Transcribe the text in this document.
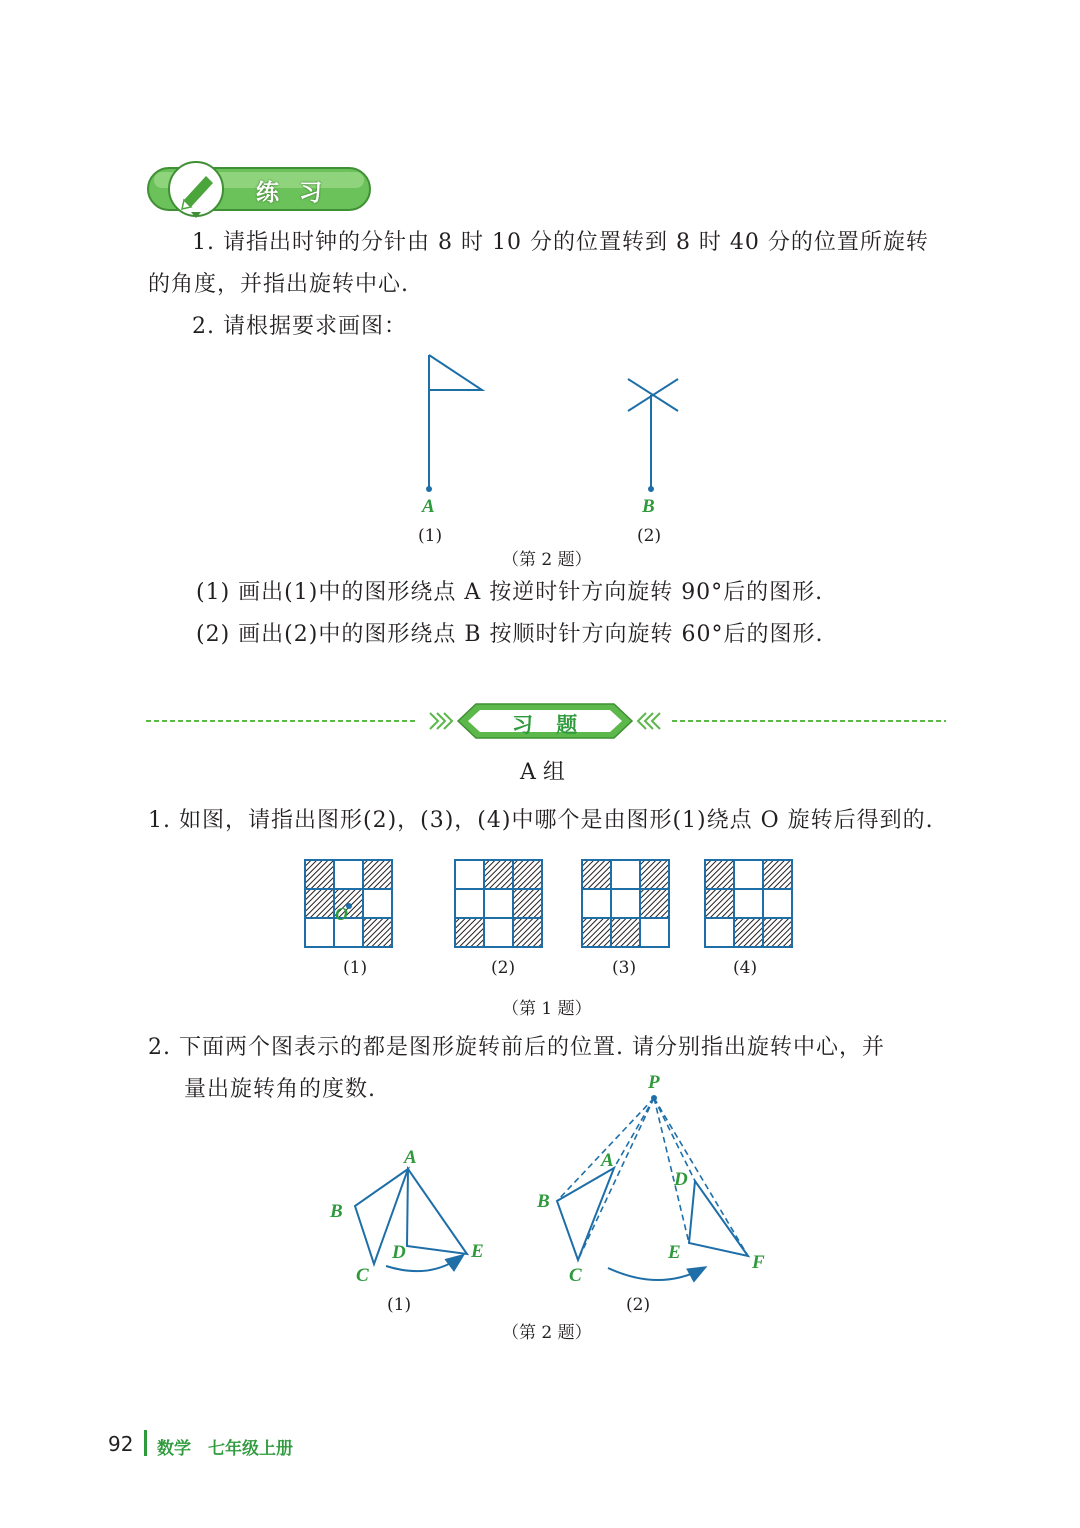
练 习
1. 请指出时钟的分针由 8 时 10 分的位置转到 8 时 40 分的位置所旋转
的角度，并指出旋转中心.
2. 请根据要求画图：
A	B
(1)	(2)
（第 2 题）
(1) 画出(1)中的图形绕点 A 按逆时针方向旋转 90°后的图形.
(2) 画出(2)中的图形绕点 B 按顺时针方向旋转 60°后的图形.
习 题
A 组
1. 如图，请指出图形(2)，(3)，(4)中哪个是由图形(1)绕点 O 旋转后得到的.
O
(1)	(2)	(3)	(4)
（第 1 题）
2. 下面两个图表示的都是图形旋转前后的位置. 请分别指出旋转中心，并
量出旋转角的度数.
A
B
C
D	E
P
A
B
C
D
E	F
(1)	(2)
（第 2 题）
92 数学　七年级上册
